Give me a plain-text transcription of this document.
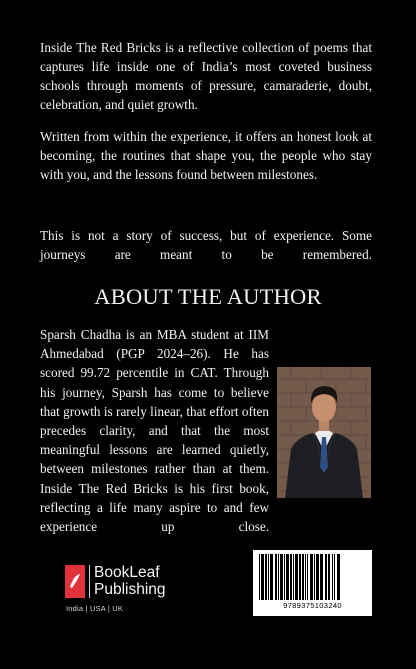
Inside The Red Bricks is a reflective collection of poems that captures life inside one of India’s most coveted business schools through moments of pressure, camaraderie, doubt, celebration, and quiet growth.

Written from within the experience, it offers an honest look at becoming, the routines that shape you, the people who stay with you, and the lessons found between milestones.

This is not a story of success, but of experience. Some journeys are meant to be remembered.

ABOUT THE AUTHOR

Sparsh Chadha is an MBA student at IIM Ahmedabad (PGP 2024–26). He has scored 99.72 percentile in CAT. Through his journey, Sparsh has come to believe that growth is rarely linear, that effort often precedes clarity, and that the most meaningful lessons are learned quietly, between milestones rather than at them. Inside The Red Bricks is his first book, reflecting a life many aspire to and few experience up close.

BookLeaf
Publishing
India | USA | UK	9789375103240
